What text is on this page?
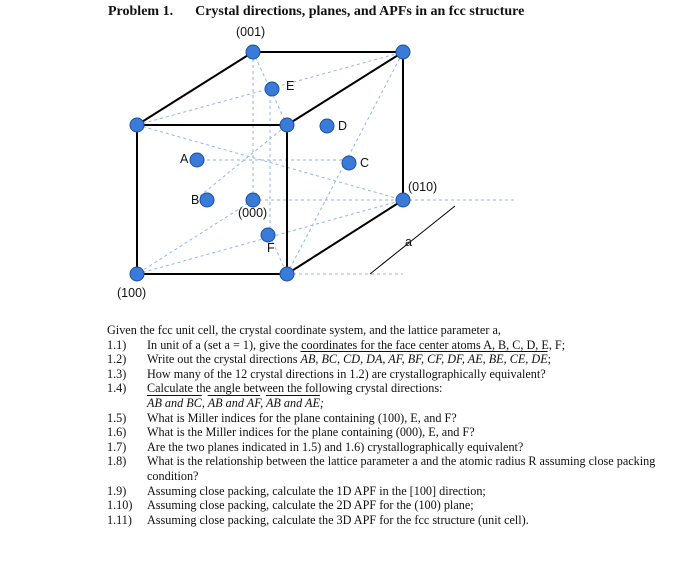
Problem 1. Crystal directions, planes, and APFs in an fcc structure
(001)
E
D
A	C
(010)
B
(000)
a
F
(100)
Given the fcc unit cell, the crystal coordinate system, and the lattice parameter a,
1.1)	In unit of a (set a = 1), give the coordinates for the face center atoms A, B, C, D, E, F;
1.2)	Write out the crystal directions AB, BC, CD, DA, AF, BF, CF, DF, AE, BE, CE, DE;
1.3)	How many of the 12 crystal directions in 1.2) are crystallographically equivalent?
1.4)	Calculate the angle between the following crystal directions:
AB and BC, AB and AF, AB and AE;
1.5)	What is Miller indices for the plane containing (100), E, and F?
1.6)	What is the Miller indices for the plane containing (000), E, and F?
1.7)	Are the two planes indicated in 1.5) and 1.6) crystallographically equivalent?
1.8)	What is the relationship between the lattice parameter a and the atomic radius R assuming close packing condition?
1.9)	Assuming close packing, calculate the 1D APF in the [100] direction;
1.10)	Assuming close packing, calculate the 2D APF for the (100) plane;
1.11)	Assuming close packing, calculate the 3D APF for the fcc structure (unit cell).
